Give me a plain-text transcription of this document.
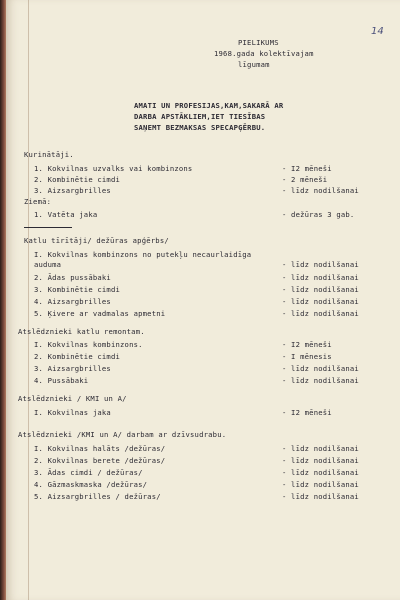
14
PIELIKUMS
1968.gada kolektīvajam
līgumam
AMATI UN PROFESIJAS,KAM,SAKARĀ AR
DARBA APSTĀKLIEM,IET TIESĪBAS
SAŅEMT BEZMAKSAS SPECAPĢĒRBU.
Kurinātāji.
1. Kokvilnas uzvalks vai kombinzons	- I2 mēneši
2. Kombinētie cimdi	- 2 mēneši
3. Aizsargbrilles	- līdz nodilšanai
Ziemā:
1. Vatēta jaka	- dežūras 3 gab.
Katlu tīrītāji/ dežūras apģērbs/
I. Kokvilnas kombinzons no putekļu necaurlaidīga auduma	- līdz nodilšanai
2. Ādas pussābaki	- līdz nodilšanai
3. Kombinētie cimdi	- līdz nodilšanai
4. Aizsargbrilles	- līdz nodilšanai
5. Ķivere ar vadmalas apmetni	- līdz nodilšanai
Atslēdznieki katlu remontam.
I. Kokvilnas kombinzons.	- I2 mēneši
2. Kombinētie cimdi	- I mēnesis
3. Aizsargbrilles	- līdz nodilšanai
4. Pussābaki	- līdz nodilšanai
Atslēdznieki / KMI un A/
I. Kokvilnas jaka	- I2 mēneši
Atslēdznieki /KMI un A/ darbam ar dzīvsudrabu.
I. Kokvilnas halāts /dežūras/	- līdz nodilšanai
2. Kokvilnas berete /dežūras/	- līdz nodilšanai
3. Ādas cimdi / dežūras/	- līdz nodilšanai
4. Gāzmaskmaska /dežūras/	- līdz nodilšanai
5. Aizsargbrilles / dežūras/	- līdz nodilšanai
